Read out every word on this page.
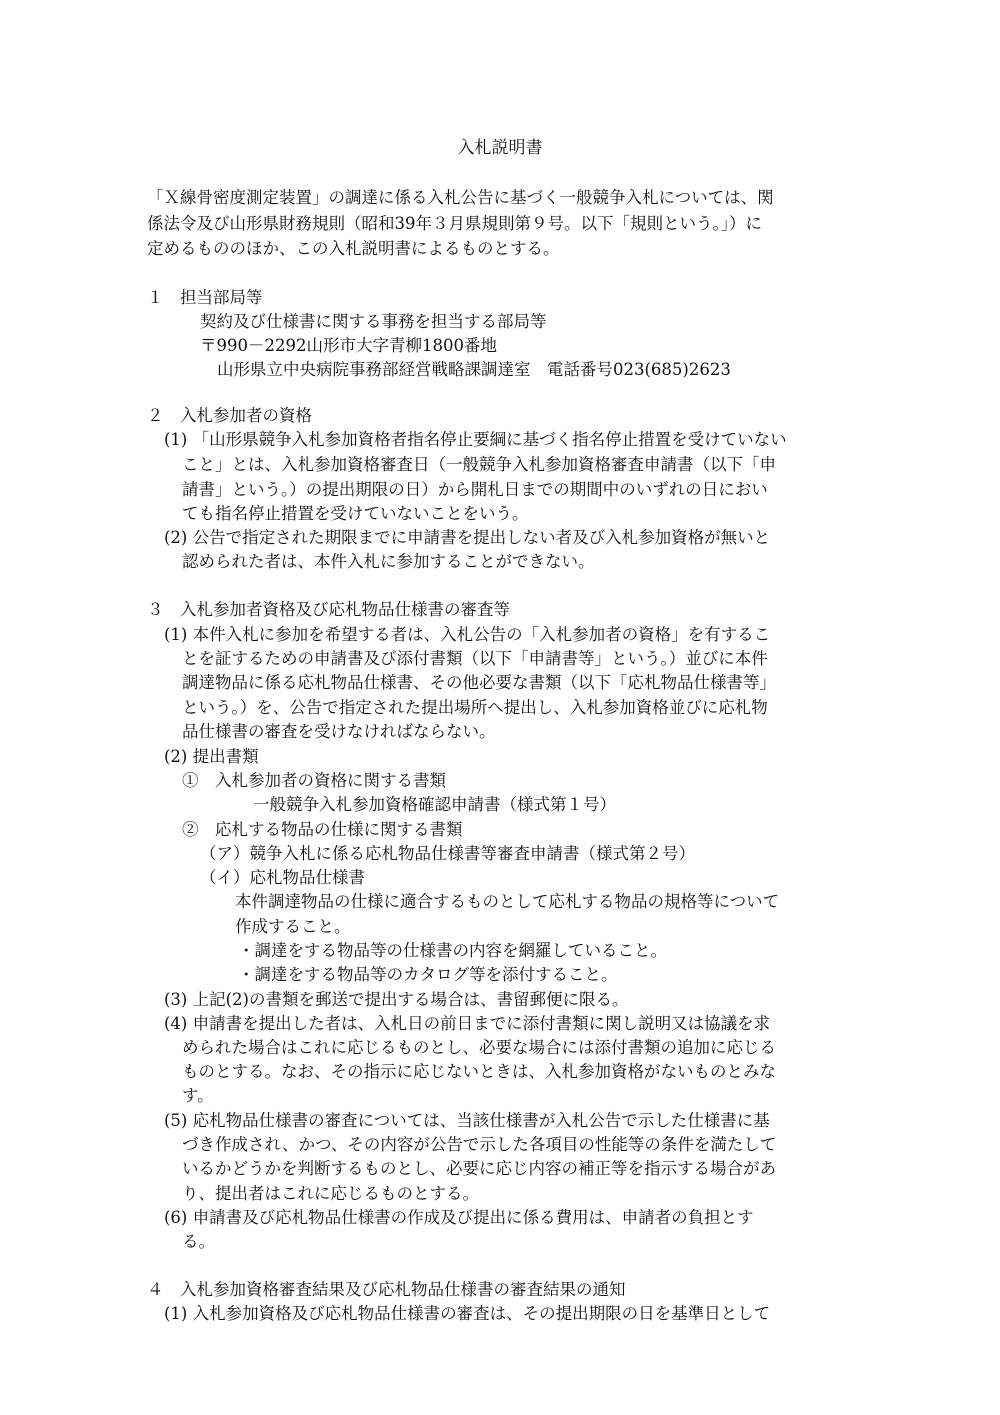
入札説明書
「Ｘ線骨密度測定装置」の調達に係る入札公告に基づく一般競争入札については、関
係法令及び山形県財務規則（昭和39年３月県規則第９号。以下「規則という。」）に
定めるもののほか、この入札説明書によるものとする。
１　担当部局等
契約及び仕様書に関する事務を担当する部局等
〒990－2292山形市大字青柳1800番地
山形県立中央病院事務部経営戦略課調達室　電話番号023(685)2623
２　入札参加者の資格
(1) 「山形県競争入札参加資格者指名停止要綱に基づく指名停止措置を受けていない
こと」とは、入札参加資格審査日（一般競争入札参加資格審査申請書（以下「申
請書」という。）の提出期限の日）から開札日までの期間中のいずれの日におい
ても指名停止措置を受けていないことをいう。
(2) 公告で指定された期限までに申請書を提出しない者及び入札参加資格が無いと
認められた者は、本件入札に参加することができない。
３　入札参加者資格及び応札物品仕様書の審査等
(1) 本件入札に参加を希望する者は、入札公告の「入札参加者の資格」を有するこ
とを証するための申請書及び添付書類（以下「申請書等」という。）並びに本件
調達物品に係る応札物品仕様書、その他必要な書類（以下「応札物品仕様書等」
という。）を、公告で指定された提出場所へ提出し、入札参加資格並びに応札物
品仕様書の審査を受けなければならない。
(2) 提出書類
①　入札参加者の資格に関する書類
一般競争入札参加資格確認申請書（様式第１号）
②　応札する物品の仕様に関する書類
（ア）競争入札に係る応札物品仕様書等審査申請書（様式第２号）
（イ）応札物品仕様書
本件調達物品の仕様に適合するものとして応札する物品の規格等について
作成すること。
・調達をする物品等の仕様書の内容を網羅していること。
・調達をする物品等のカタログ等を添付すること。
(3) 上記(2)の書類を郵送で提出する場合は、書留郵便に限る。
(4) 申請書を提出した者は、入札日の前日までに添付書類に関し説明又は協議を求
められた場合はこれに応じるものとし、必要な場合には添付書類の追加に応じる
ものとする。なお、その指示に応じないときは、入札参加資格がないものとみな
す。
(5) 応札物品仕様書の審査については、当該仕様書が入札公告で示した仕様書に基
づき作成され、かつ、その内容が公告で示した各項目の性能等の条件を満たして
いるかどうかを判断するものとし、必要に応じ内容の補正等を指示する場合があ
り、提出者はこれに応じるものとする。
(6) 申請書及び応札物品仕様書の作成及び提出に係る費用は、申請者の負担とす
る。
４　入札参加資格審査結果及び応札物品仕様書の審査結果の通知
(1) 入札参加資格及び応札物品仕様書の審査は、その提出期限の日を基準日として
